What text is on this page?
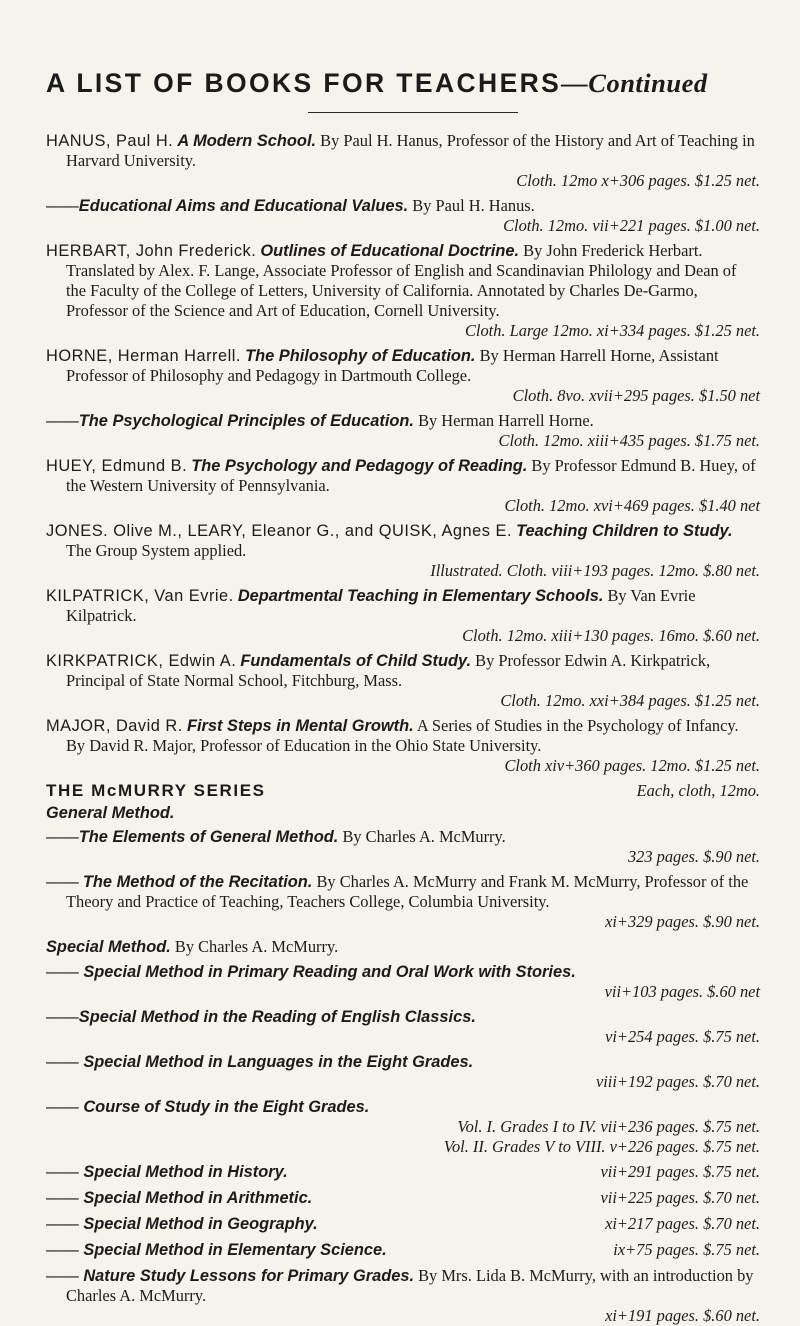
A LIST OF BOOKS FOR TEACHERS—Continued

HANUS, Paul H. A Modern School. By Paul H. Hanus, Professor of the History and Art of Teaching in Harvard University.
Cloth. 12mo x+306 pages. $1.25 net.

——Educational Aims and Educational Values. By Paul H. Hanus.
Cloth. 12mo. vii+221 pages. $1.00 net.

HERBART, John Frederick. Outlines of Educational Doctrine. By John Frederick Herbart. Translated by Alex. F. Lange, Associate Professor of English and Scandinavian Philology and Dean of the Faculty of the College of Letters, University of California. Annotated by Charles De-Garmo, Professor of the Science and Art of Education, Cornell University.
Cloth. Large 12mo. xi+334 pages. $1.25 net.

HORNE, Herman Harrell. The Philosophy of Education. By Herman Harrell Horne, Assistant Professor of Philosophy and Pedagogy in Dartmouth College.
Cloth. 8vo. xvii+295 pages. $1.50 net

——The Psychological Principles of Education. By Herman Harrell Horne.
Cloth. 12mo. xiii+435 pages. $1.75 net.

HUEY, Edmund B. The Psychology and Pedagogy of Reading. By Professor Edmund B. Huey, of the Western University of Pennsylvania.
Cloth. 12mo. xvi+469 pages. $1.40 net

JONES. Olive M., LEARY, Eleanor G., and QUISK, Agnes E. Teaching Children to Study. The Group System applied.
Illustrated. Cloth. viii+193 pages. 12mo. $.80 net.

KILPATRICK, Van Evrie. Departmental Teaching in Elementary Schools. By Van Evrie Kilpatrick.
Cloth. 12mo. xiii+130 pages. 16mo. $.60 net.

KIRKPATRICK, Edwin A. Fundamentals of Child Study. By Professor Edwin A. Kirkpatrick, Principal of State Normal School, Fitchburg, Mass.
Cloth. 12mo. xxi+384 pages. $1.25 net.

MAJOR, David R. First Steps in Mental Growth. A Series of Studies in the Psychology of Infancy. By David R. Major, Professor of Education in the Ohio State University.
Cloth xiv+360 pages. 12mo. $1.25 net.

THE McMURRY SERIES	Each, cloth, 12mo.
General Method.

——The Elements of General Method. By Charles A. McMurry.
323 pages. $.90 net.

—— The Method of the Recitation. By Charles A. McMurry and Frank M. McMurry, Professor of the Theory and Practice of Teaching, Teachers College, Columbia University.
xi+329 pages. $.90 net.

Special Method. By Charles A. McMurry.

—— Special Method in Primary Reading and Oral Work with Stories.
vii+103 pages. $.60 net

——Special Method in the Reading of English Classics.
vi+254 pages. $.75 net.

—— Special Method in Languages in the Eight Grades.
viii+192 pages. $.70 net.

—— Course of Study in the Eight Grades.
Vol. I. Grades I to IV. vii+236 pages. $.75 net.
Vol. II. Grades V to VIII. v+226 pages. $.75 net.

—— Special Method in History.	vii+291 pages. $.75 net.
—— Special Method in Arithmetic.	vii+225 pages. $.70 net.
—— Special Method in Geography.	xi+217 pages. $.70 net.
—— Special Method in Elementary Science.	ix+75 pages. $.75 net.

—— Nature Study Lessons for Primary Grades. By Mrs. Lida B. McMurry, with an introduction by Charles A. McMurry.
xi+191 pages. $.60 net.
